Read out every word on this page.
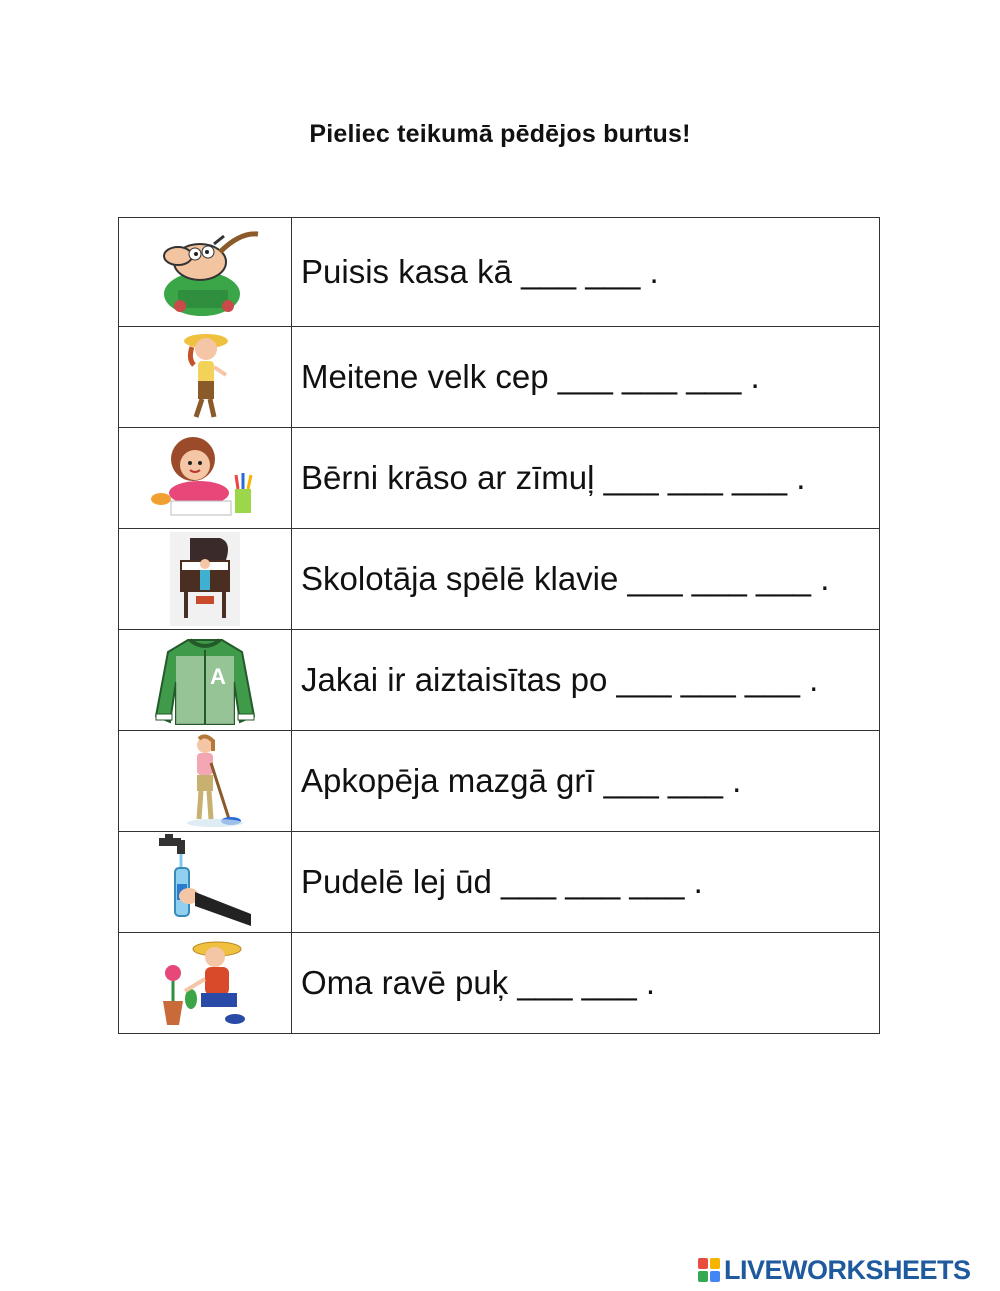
Pieliec teikumā pēdējos burtus!
	Puisis kasa kā ___ ___ .

	Meitene velk cep ___ ___ ___ .

	Bērni krāso ar zīmuļ ___ ___ ___ .

	Skolotāja spēlē klavie ___ ___ ___ .

A	Jakai ir aiztaisītas po ___ ___ ___ .

	Apkopēja mazgā grī ___ ___ .

	Pudelē lej ūd ___ ___ ___ .

	Oma ravē puķ ___ ___ .
LIVEWORKSHEETS
